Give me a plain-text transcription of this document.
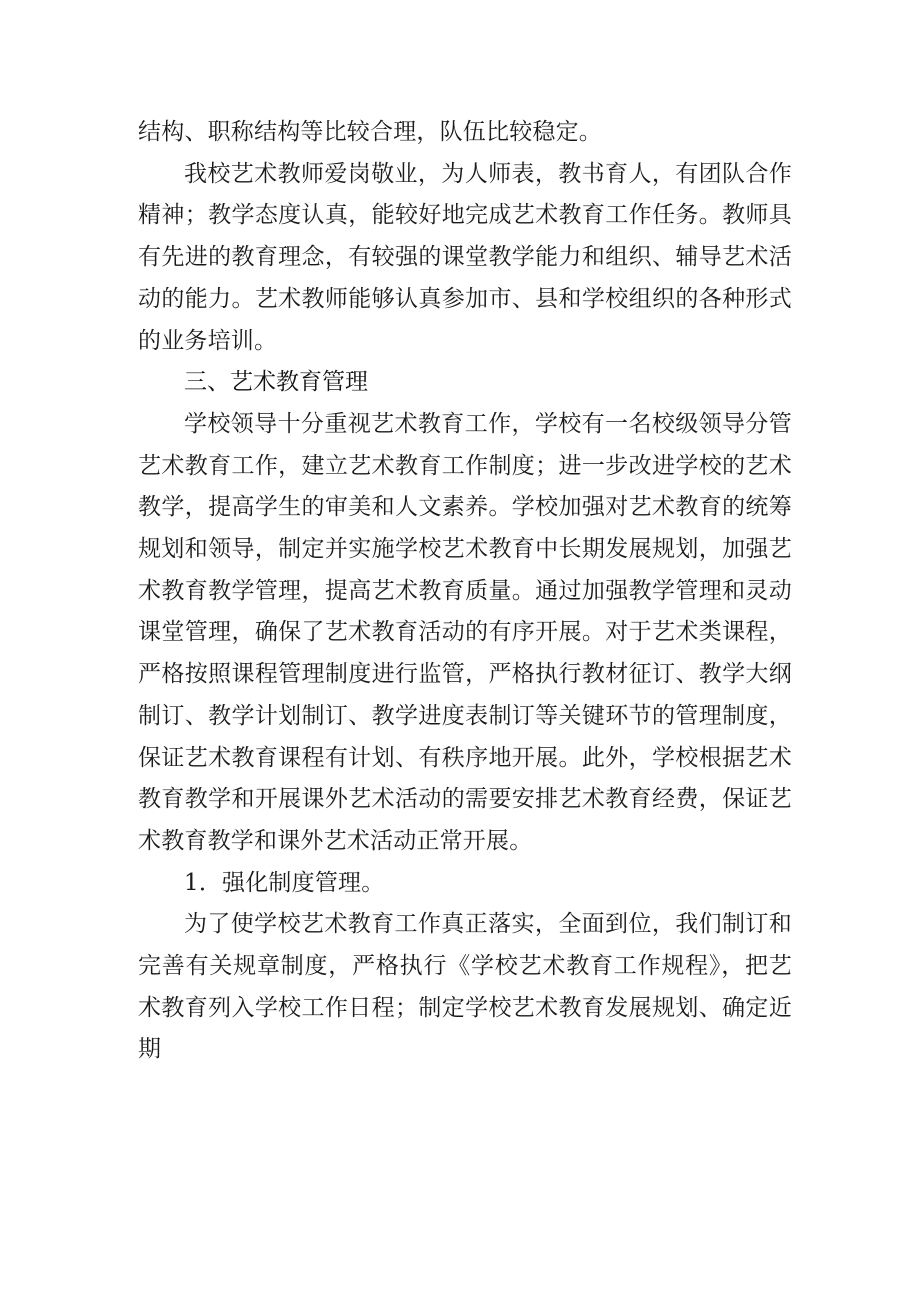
结构、职称结构等比较合理，队伍比较稳定。

我校艺术教师爱岗敬业，为人师表，教书育人，有团队合作精神；教学态度认真，能较好地完成艺术教育工作任务。教师具有先进的教育理念，有较强的课堂教学能力和组织、辅导艺术活动的能力。艺术教师能够认真参加市、县和学校组织的各种形式的业务培训。

三、艺术教育管理

学校领导十分重视艺术教育工作，学校有一名校级领导分管艺术教育工作，建立艺术教育工作制度；进一步改进学校的艺术教学，提高学生的审美和人文素养。学校加强对艺术教育的统筹规划和领导，制定并实施学校艺术教育中长期发展规划，加强艺术教育教学管理，提高艺术教育质量。通过加强教学管理和灵动课堂管理，确保了艺术教育活动的有序开展。对于艺术类课程，严格按照课程管理制度进行监管，严格执行教材征订、教学大纲制订、教学计划制订、教学进度表制订等关键环节的管理制度，保证艺术教育课程有计划、有秩序地开展。此外，学校根据艺术教育教学和开展课外艺术活动的需要安排艺术教育经费，保证艺术教育教学和课外艺术活动正常开展。

1．强化制度管理。

为了使学校艺术教育工作真正落实，全面到位，我们制订和完善有关规章制度，严格执行《学校艺术教育工作规程》，把艺术教育列入学校工作日程；制定学校艺术教育发展规划、确定近期
